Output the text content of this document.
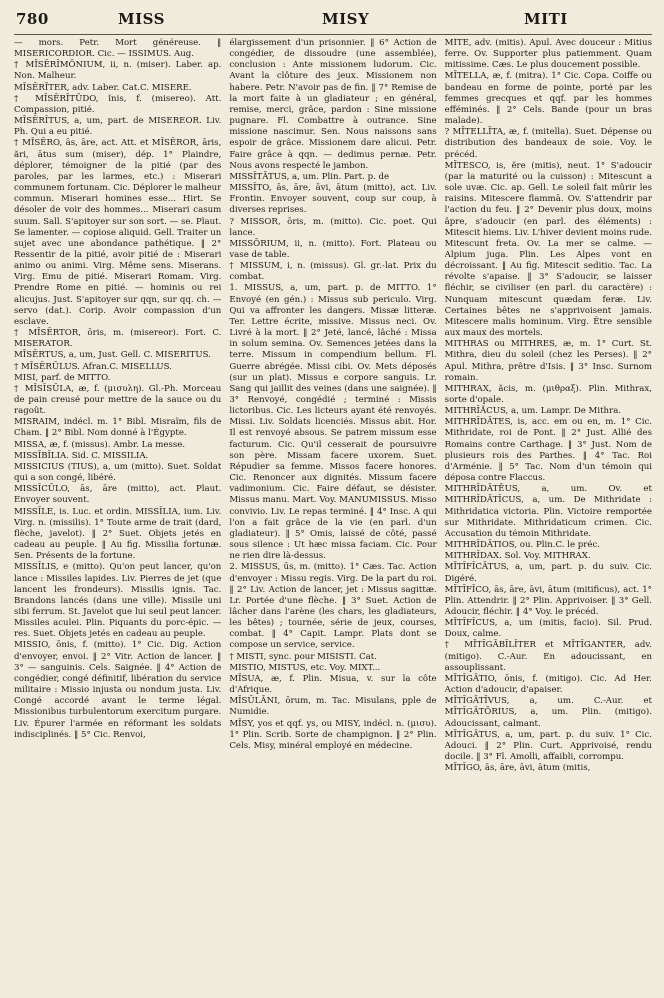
780	MISS	MISY	MITI

— mors. Petr. Mort généreuse. ‖ MISERICORDIOR. Cic. — ISSIMUS. Aug.

† MĪSĔRĬMŌNIUM, ii, n. (miser). Laber. ap. Non. Malheur.

MĪSĔRĪTER, adv. Laber. Cat.C. MISERE.

† MĪSĔRĪTŪDO, ĭnis, f. (misereo). Att. Compassion, pitié.

MĪSĔRĬTUS, a, um, part. de MISEREOR. Liv. Ph. Qui a eu pitié.

† MĪSĔRO, ās, āre, act. Att. et MĬSĔROR, āris, ări, ātus sum (miser), dép. 1° Plaindre, déplorer, témoigner de la pitié (par des paroles, par les larmes, etc.) : Miserari communem fortunam. Cic. Déplorer le malheur commun. Miserari homines esse... Hirt. Se désoler de voir des hommes... Miserari casum suum. Sall. S'apitoyer sur son sort. — se. Plaut. Se lamenter. — copiose aliquid. Gell. Traiter un sujet avec une abondance pathétique. ‖ 2° Ressentir de la pitié, avoir pitié de : Miserari animo ou animi. Virg. Même sens. Miserans. Virg. Emu de pitié. Miserari Romam. Virg. Prendre Rome en pitié. — hominis ou rei alicujus. Just. S'apitoyer sur qqn, sur qq. ch. — servo (dat.). Corip. Avoir compassion d'un esclave.

† MĪSĔRTOR, ōris, m. (misereor). Fort. C. MISERATOR.

MĪSĔRTUS, a, um, Just. Gell. C. MISERITUS.

† MĪSĔRŬLUS. Afran.C. MISELLUS.

MISI, parf. de MITTO.

† MĪSĬSŬLA, æ, f. (μισυλη). Gl.-Ph. Morceau de pain creusé pour mettre de la sauce ou du ragoût.

MISRAIM, indécl. m. 1° Bibl. Misraïm, fils de Cham. ‖ 2° Bibl. Nom donné à l'Égypte.

MISSA, æ, f. (missus). Ambr. La messe.

MISSĬBĬLIA. Sid. C. MISSILIA.

MISSICIUS (TIUS), a, um (mitto). Suet. Soldat qui a son congé, libéré.

MISSĬCŬLO, ās, āre (mitto), act. Plaut. Envoyer souvent.

MISSĬLE, is. Luc. et ordin. MISSĬLIA, ium. Liv. Virg. n. (missilis). 1° Toute arme de trait (dard, flèche, javelot). ‖ 2° Suet. Objets jetés en cadeau au peuple. ‖ Au fig. Missilia fortunæ. Sen. Présents de la fortune.

MISSĬLIS, e (mitto). Qu'on peut lancer, qu'on lance : Missiles lapides. Liv. Pierres de jet (que lancent les frondeurs). Missilis ignis. Tac. Brandons lancés (dans une ville). Missile uni sibi ferrum. St. Javelot que lui seul peut lancer. Missiles aculei. Plin. Piquants du porc-épic. — res. Suet. Objets jetés en cadeau au peuple.

MISSIO, ōnis, f. (mitto). 1° Cic. Dig. Action d'envoyer, envoi. ‖ 2° Vitr. Action de lancer. ‖ 3° — sanguinis. Cels. Saignée. ‖ 4° Action de congédier, congé définitif, libération du service militaire : Missio injusta ou nondum justa. Liv. Congé accordé avant le terme légal. Missionibus turbulentorum exercitum purgare. Liv. Épurer l'armée en réformant les soldats indisciplinés. ‖ 5° Cic. Renvoi,

élargissement d'un prisonnier. ‖ 6° Action de congédier, de dissoudre (une assemblée), conclusion : Ante missionem ludorum. Cic. Avant la clôture des jeux. Missionem non habere. Petr. N'avoir pas de fin. ‖ 7° Remise de la mort faite à un gladiateur ; en général, remise, merci, grâce, pardon : Sine missione pugnare. Fl. Combattre à outrance. Sine missione nascimur. Sen. Nous naissons sans espoir de grâce. Missionem dare alicui. Petr. Faire grâce à qqn. — dedimus pernæ. Petr. Nous avons respecté le jambon.

MISSĬTĀTUS, a, um. Plin. Part. p. de

MISSĬTO, ās, āre, āvi, ātum (mitto), act. Liv. Frontin. Envoyer souvent, coup sur coup, à diverses reprises.

? MISSOR, ōris, m. (mitto). Cic. poet. Qui lance.

MISSŌRIUM, ii, n. (mitto). Fort. Plateau ou vase de table.

† MISSUM, i, n. (missus). Gl. gr.-lat. Prix du combat.

1. MISSUS, a, um, part. p. de MITTO. 1° Envoyé (en gén.) : Missus sub periculo. Virg. Qui va affronter les dangers. Missæ litteræ. Ter. Lettre écrite, missive. Missus neci. Ov. Livré à la mort. ‖ 2° Jeté, lancé, lâché : Missa in solum semina. Ov. Semences jetées dans la terre. Missum in compendium bellum. Fl. Guerre abrégée. Missi cibi. Ov. Mets déposés (sur un plat). Missus e corpore sanguis. Lr. Sang qui jaillit des veines (dans une saignée). ‖ 3° Renvoyé, congédié ; terminé : Missis lictoribus. Cic. Les licteurs ayant été renvoyés. Missi. Liv. Soldats licenciés. Missus abit. Hor. Il est renvoyé absous. Se patrem missum esse facturum. Cic. Qu'il cesserait de poursuivre son père. Missam facere uxorem. Suet. Répudier sa femme. Missos facere honores. Cic. Renoncer aux dignités. Missum facere vadimonium. Cic. Faire défaut, se désister. Missus manu. Mart. Voy. MANUMISSUS. Misso convivio. Liv. Le repas terminé. ‖ 4° Insc. A qui l'on a fait grâce de la vie (en parl. d'un gladiateur). ‖ 5° Omis, laissé de côté, passé sous silence : Ut hæc missa faciam. Cic. Pour ne rien dire là-dessus.

2. MISSUS, ūs, m. (mitto). 1° Cæs. Tac. Action d'envoyer : Missu regis. Virg. De la part du roi. ‖ 2° Liv. Action de lancer, jet : Missus sagittæ. Lr. Portée d'une flèche. ‖ 3° Suet. Action de lâcher dans l'arène (les chars, les gladiateurs, les bêtes) ; tournée, série de jeux, courses, combat. ‖ 4° Capit. Lampr. Plats dont se compose un service, service.

† MISTI, sync. pour MISISTI. Cat.

MISTIO, MISTUS, etc. Voy. MIXT...

MĪSUA, æ, f. Plin. Misua, v. sur la côte d'Afrique.

MĪSŬLĀNI, ōrum, m. Tac. Misulans, pple de Numidie.

MĪSY, yos et qqf. ys, ou MISY, indécl. n. (μισυ). 1° Plin. Scrib. Sorte de champignon. ‖ 2° Plin. Cels. Misy, minéral employé en médecine.

MĪTĔ, adv. (mitis). Apul. Avec douceur : Mitius ferre. Ov. Supporter plus patiemment. Quam mitissime. Cæs. Le plus doucement possible.

MĪTELLA, æ, f. (mitra). 1° Cic. Copa. Coiffe ou bandeau en forme de pointe, porté par les femmes grecques et qqf. par les hommes efféminés. ‖ 2° Cels. Bande (pour un bras malade).

? MĪTELLĪTA, æ, f. (mitella). Suet. Dépense ou distribution des bandeaux de soie. Voy. le précéd.

MĪTESCO, is, ĕre (mitis), neut. 1° S'adoucir (par la maturité ou la cuisson) : Mitescunt a sole uvæ. Cic. ap. Gell. Le soleil fait mûrir les raisins. Mitescere flammā. Ov. S'attendrir par l'action du feu. ‖ 2° Devenir plus doux, moins âpre, s'adoucir (en parl. des éléments) : Mitescit hiems. Liv. L'hiver devient moins rude. Mitescunt freta. Ov. La mer se calme. — Alpium juga. Plin. Les Alpes vont en décroissant. ‖ Au fig. Mitescit seditio. Tac. La révolte s'apaise. ‖ 3° S'adoucir, se laisser fléchir, se civiliser (en parl. du caractère) : Nunquam mitescunt quædam feræ. Liv. Certaines bêtes ne s'apprivoisent jamais. Mitescere malis hominum. Virg. Être sensible aux maux des mortels.

MITHRAS ou MITHRES, æ, m. 1° Curt. St. Mithra, dieu du soleil (chez les Perses). ‖ 2° Apul. Mithra, prêtre d'Isis. ‖ 3° Insc. Surnom romain.

MITHRAX, ăcis, m. (μιθραξ). Plin. Mithrax, sorte d'opale.

MITHRĬĂCUS, a, um. Lampr. De Mithra.

MITHRĬDĀTES, is, acc. em ou en, m. 1° Cic. Mithridate, roi de Pont. ‖ 2° Just. Allié des Romains contre Carthage. ‖ 3° Just. Nom de plusieurs rois des Parthes. ‖ 4° Tac. Roi d'Arménie. ‖ 5° Tac. Nom d'un témoin qui déposa contre Flaccus.

MITHRĬDĀTĒUS, a, um. Ov. et MITHRĬDĀTĬCUS, a, um. De Mithridate : Mithridatica victoria. Plin. Victoire remportée sur Mithridate. Mithridaticum crimen. Cic. Accusation du témoin Mithridate.

MITHRĬDĀTIOS, ou. Plin.C. le préc.

MITHRĬDAX. Sol. Voy. MITHRAX.

MĪTĬFĬCĀTUS, a, um, part. p. du suiv. Cic. Digéré.

MĪTĬFĬCO, ās, āre, āvi, ātum (mitificus), act. 1° Plin. Attendrir. ‖ 2° Plin. Apprivoiser. ‖ 3° Gell. Adoucir, fléchir. ‖ 4° Voy. le précéd.

MĪTĬFĬCUS, a, um (mitis, facio). Sil. Prud. Doux, calme.

† MĪTĬGĀBĬLĬTER et MĪTĬGANTER, adv. (mitigo). C.-Aur. En adoucissant, en assouplissant.

MĪTĬGĀTIO, ōnis, f. (mitigo). Cic. Ad Her. Action d'adoucir, d'apaiser.

MĪTĬGĀTĪVUS, a, um. C.-Aur. et MĪTĬGĀTŌRIUS, a, um. Plin. (mitigo). Adoucissant, calmant.

MĪTĬGĀTUS, a, um, part. p. du suiv. 1° Cic. Adouci. ‖ 2° Plin. Curt. Apprivoisé, rendu docile. ‖ 3° Fl. Amolli, affaibli, corrompu.

MĪTĬGO, ās, āre, āvi, ātum (mitis,
